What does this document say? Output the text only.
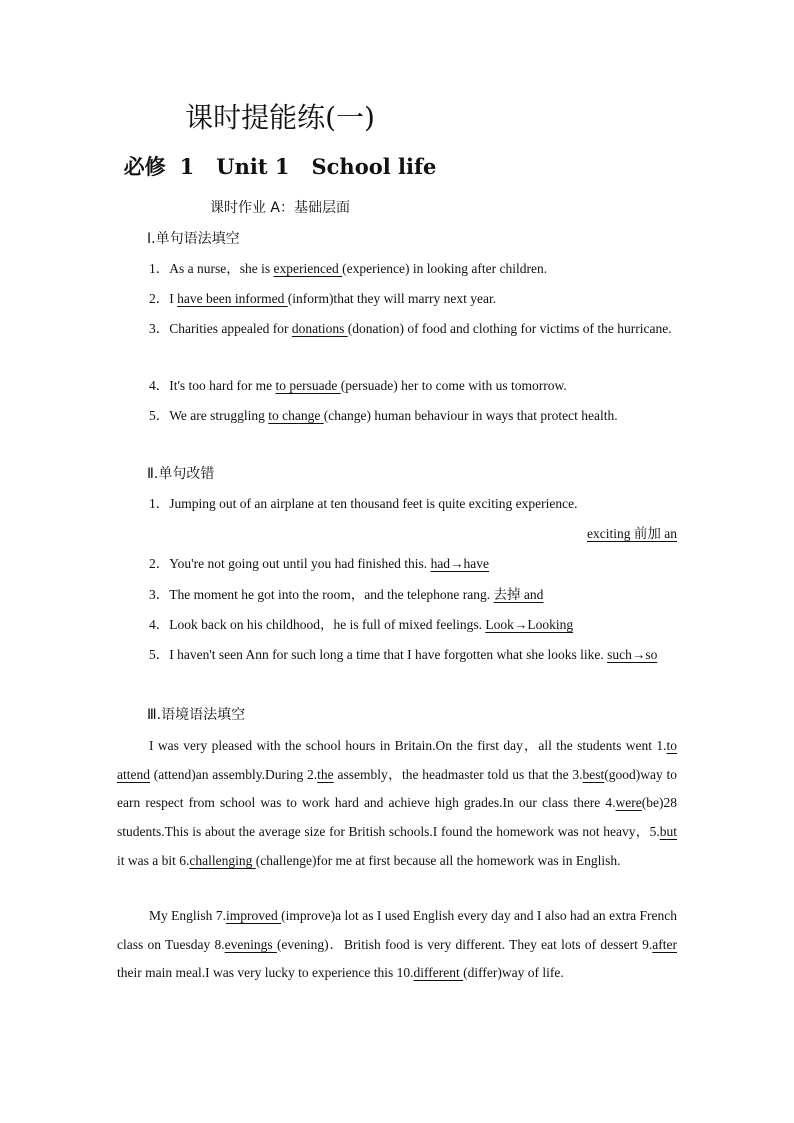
课时提能练(一)
必修 1 Unit 1 School life
课时作业 A：基础层面
Ⅰ.单句语法填空
1．As a nurse，she is experienced (experience) in looking after children.
2．I have been informed (inform)that they will marry next year.
3．Charities appealed for donations (donation) of food and clothing for victims of the hurricane.
4．It's too hard for me to persuade (persuade) her to come with us tomorrow.
5．We are struggling to change (change) human behaviour in ways that protect health.
Ⅱ.单句改错
1．Jumping out of an airplane at ten thousand feet is quite exciting experience.
exciting 前加 an
2．You're not going out until you had finished this. had→have
3．The moment he got into the room，and the telephone rang. 去掉 and
4．Look back on his childhood，he is full of mixed feelings. Look→Looking
5．I haven't seen Ann for such long a time that I have forgotten what she looks like. such→so
Ⅲ.语境语法填空
I was very pleased with the school hours in Britain.On the first day，all the students went 1.to attend (attend)an assembly.During 2.the assembly，the headmaster told us that the 3.best(good)way to earn respect from school was to work hard and achieve high grades.In our class there 4.were(be)28 students.This is about the average size for British schools.I found the homework was not heavy，5.but it was a bit 6.challenging (challenge)for me at first because all the homework was in English.
My English 7.improved (improve)a lot as I used English every day and I also had an extra French class on Tuesday 8.evenings (evening)．British food is very different. They eat lots of dessert 9.after their main meal.I was very lucky to experience this 10.different (differ)way of life.
